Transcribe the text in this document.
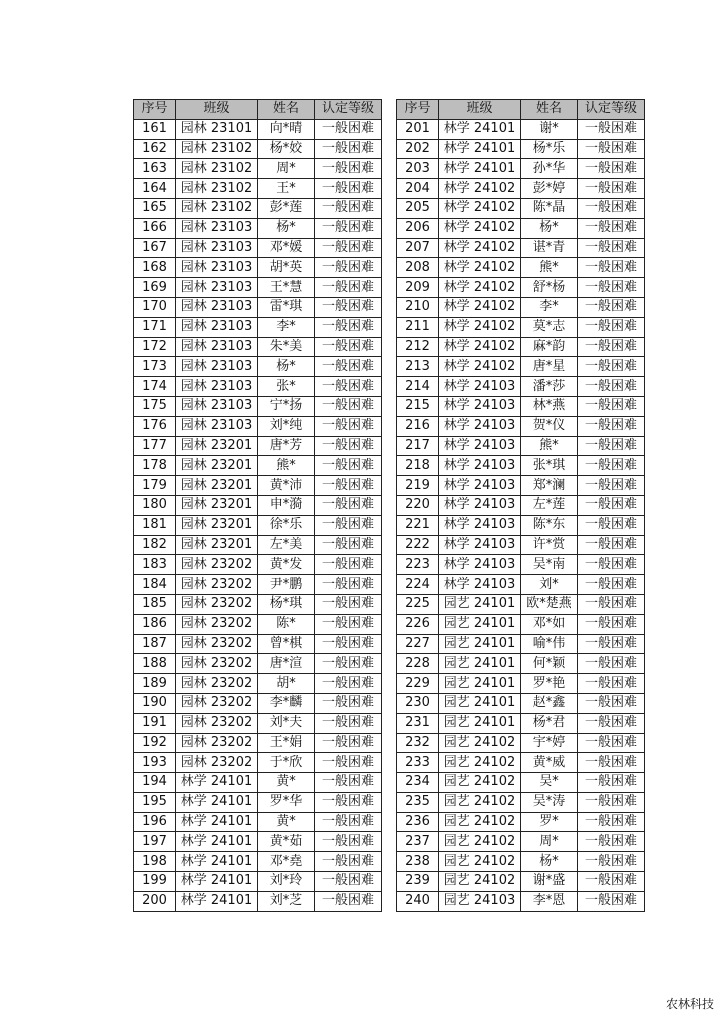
序号	班级	姓名	认定等级
161	园林 23101	向*晴	一般困难
162	园林 23102	杨*姣	一般困难
163	园林 23102	周*	一般困难
164	园林 23102	王*	一般困难
165	园林 23102	彭*莲	一般困难
166	园林 23103	杨*	一般困难
167	园林 23103	邓*媛	一般困难
168	园林 23103	胡*英	一般困难
169	园林 23103	王*慧	一般困难
170	园林 23103	雷*琪	一般困难
171	园林 23103	李*	一般困难
172	园林 23103	朱*美	一般困难
173	园林 23103	杨*	一般困难
174	园林 23103	张*	一般困难
175	园林 23103	宁*扬	一般困难
176	园林 23103	刘*纯	一般困难
177	园林 23201	唐*芳	一般困难
178	园林 23201	熊*	一般困难
179	园林 23201	黄*沛	一般困难
180	园林 23201	申*漪	一般困难
181	园林 23201	徐*乐	一般困难
182	园林 23201	左*美	一般困难
183	园林 23202	黄*发	一般困难
184	园林 23202	尹*鹏	一般困难
185	园林 23202	杨*琪	一般困难
186	园林 23202	陈*	一般困难
187	园林 23202	曾*棋	一般困难
188	园林 23202	唐*渲	一般困难
189	园林 23202	胡*	一般困难
190	园林 23202	李*麟	一般困难
191	园林 23202	刘*夫	一般困难
192	园林 23202	王*娟	一般困难
193	园林 23202	于*欣	一般困难
194	林学 24101	黄*	一般困难
195	林学 24101	罗*华	一般困难
196	林学 24101	黄*	一般困难
197	林学 24101	黄*茹	一般困难
198	林学 24101	邓*堯	一般困难
199	林学 24101	刘*玲	一般困难
200	林学 24101	刘*芝	一般困难
序号	班级	姓名	认定等级
201	林学 24101	谢*	一般困难
202	林学 24101	杨*乐	一般困难
203	林学 24101	孙*华	一般困难
204	林学 24102	彭*婷	一般困难
205	林学 24102	陈*晶	一般困难
206	林学 24102	杨*	一般困难
207	林学 24102	谌*青	一般困难
208	林学 24102	熊*	一般困难
209	林学 24102	舒*杨	一般困难
210	林学 24102	李*	一般困难
211	林学 24102	莫*志	一般困难
212	林学 24102	麻*韵	一般困难
213	林学 24102	唐*星	一般困难
214	林学 24103	潘*莎	一般困难
215	林学 24103	林*燕	一般困难
216	林学 24103	贺*仪	一般困难
217	林学 24103	熊*	一般困难
218	林学 24103	张*琪	一般困难
219	林学 24103	郑*澜	一般困难
220	林学 24103	左*莲	一般困难
221	林学 24103	陈*东	一般困难
222	林学 24103	许*赏	一般困难
223	林学 24103	吴*南	一般困难
224	林学 24103	刘*	一般困难
225	园艺 24101	欧*楚燕	一般困难
226	园艺 24101	邓*如	一般困难
227	园艺 24101	喻*伟	一般困难
228	园艺 24101	何*颖	一般困难
229	园艺 24101	罗*艳	一般困难
230	园艺 24101	赵*鑫	一般困难
231	园艺 24101	杨*君	一般困难
232	园艺 24102	宇*婷	一般困难
233	园艺 24102	黄*威	一般困难
234	园艺 24102	吴*	一般困难
235	园艺 24102	吴*涛	一般困难
236	园艺 24102	罗*	一般困难
237	园艺 24102	周*	一般困难
238	园艺 24102	杨*	一般困难
239	园艺 24102	谢*盛	一般困难
240	园艺 24103	李*恩	一般困难
农林科技
